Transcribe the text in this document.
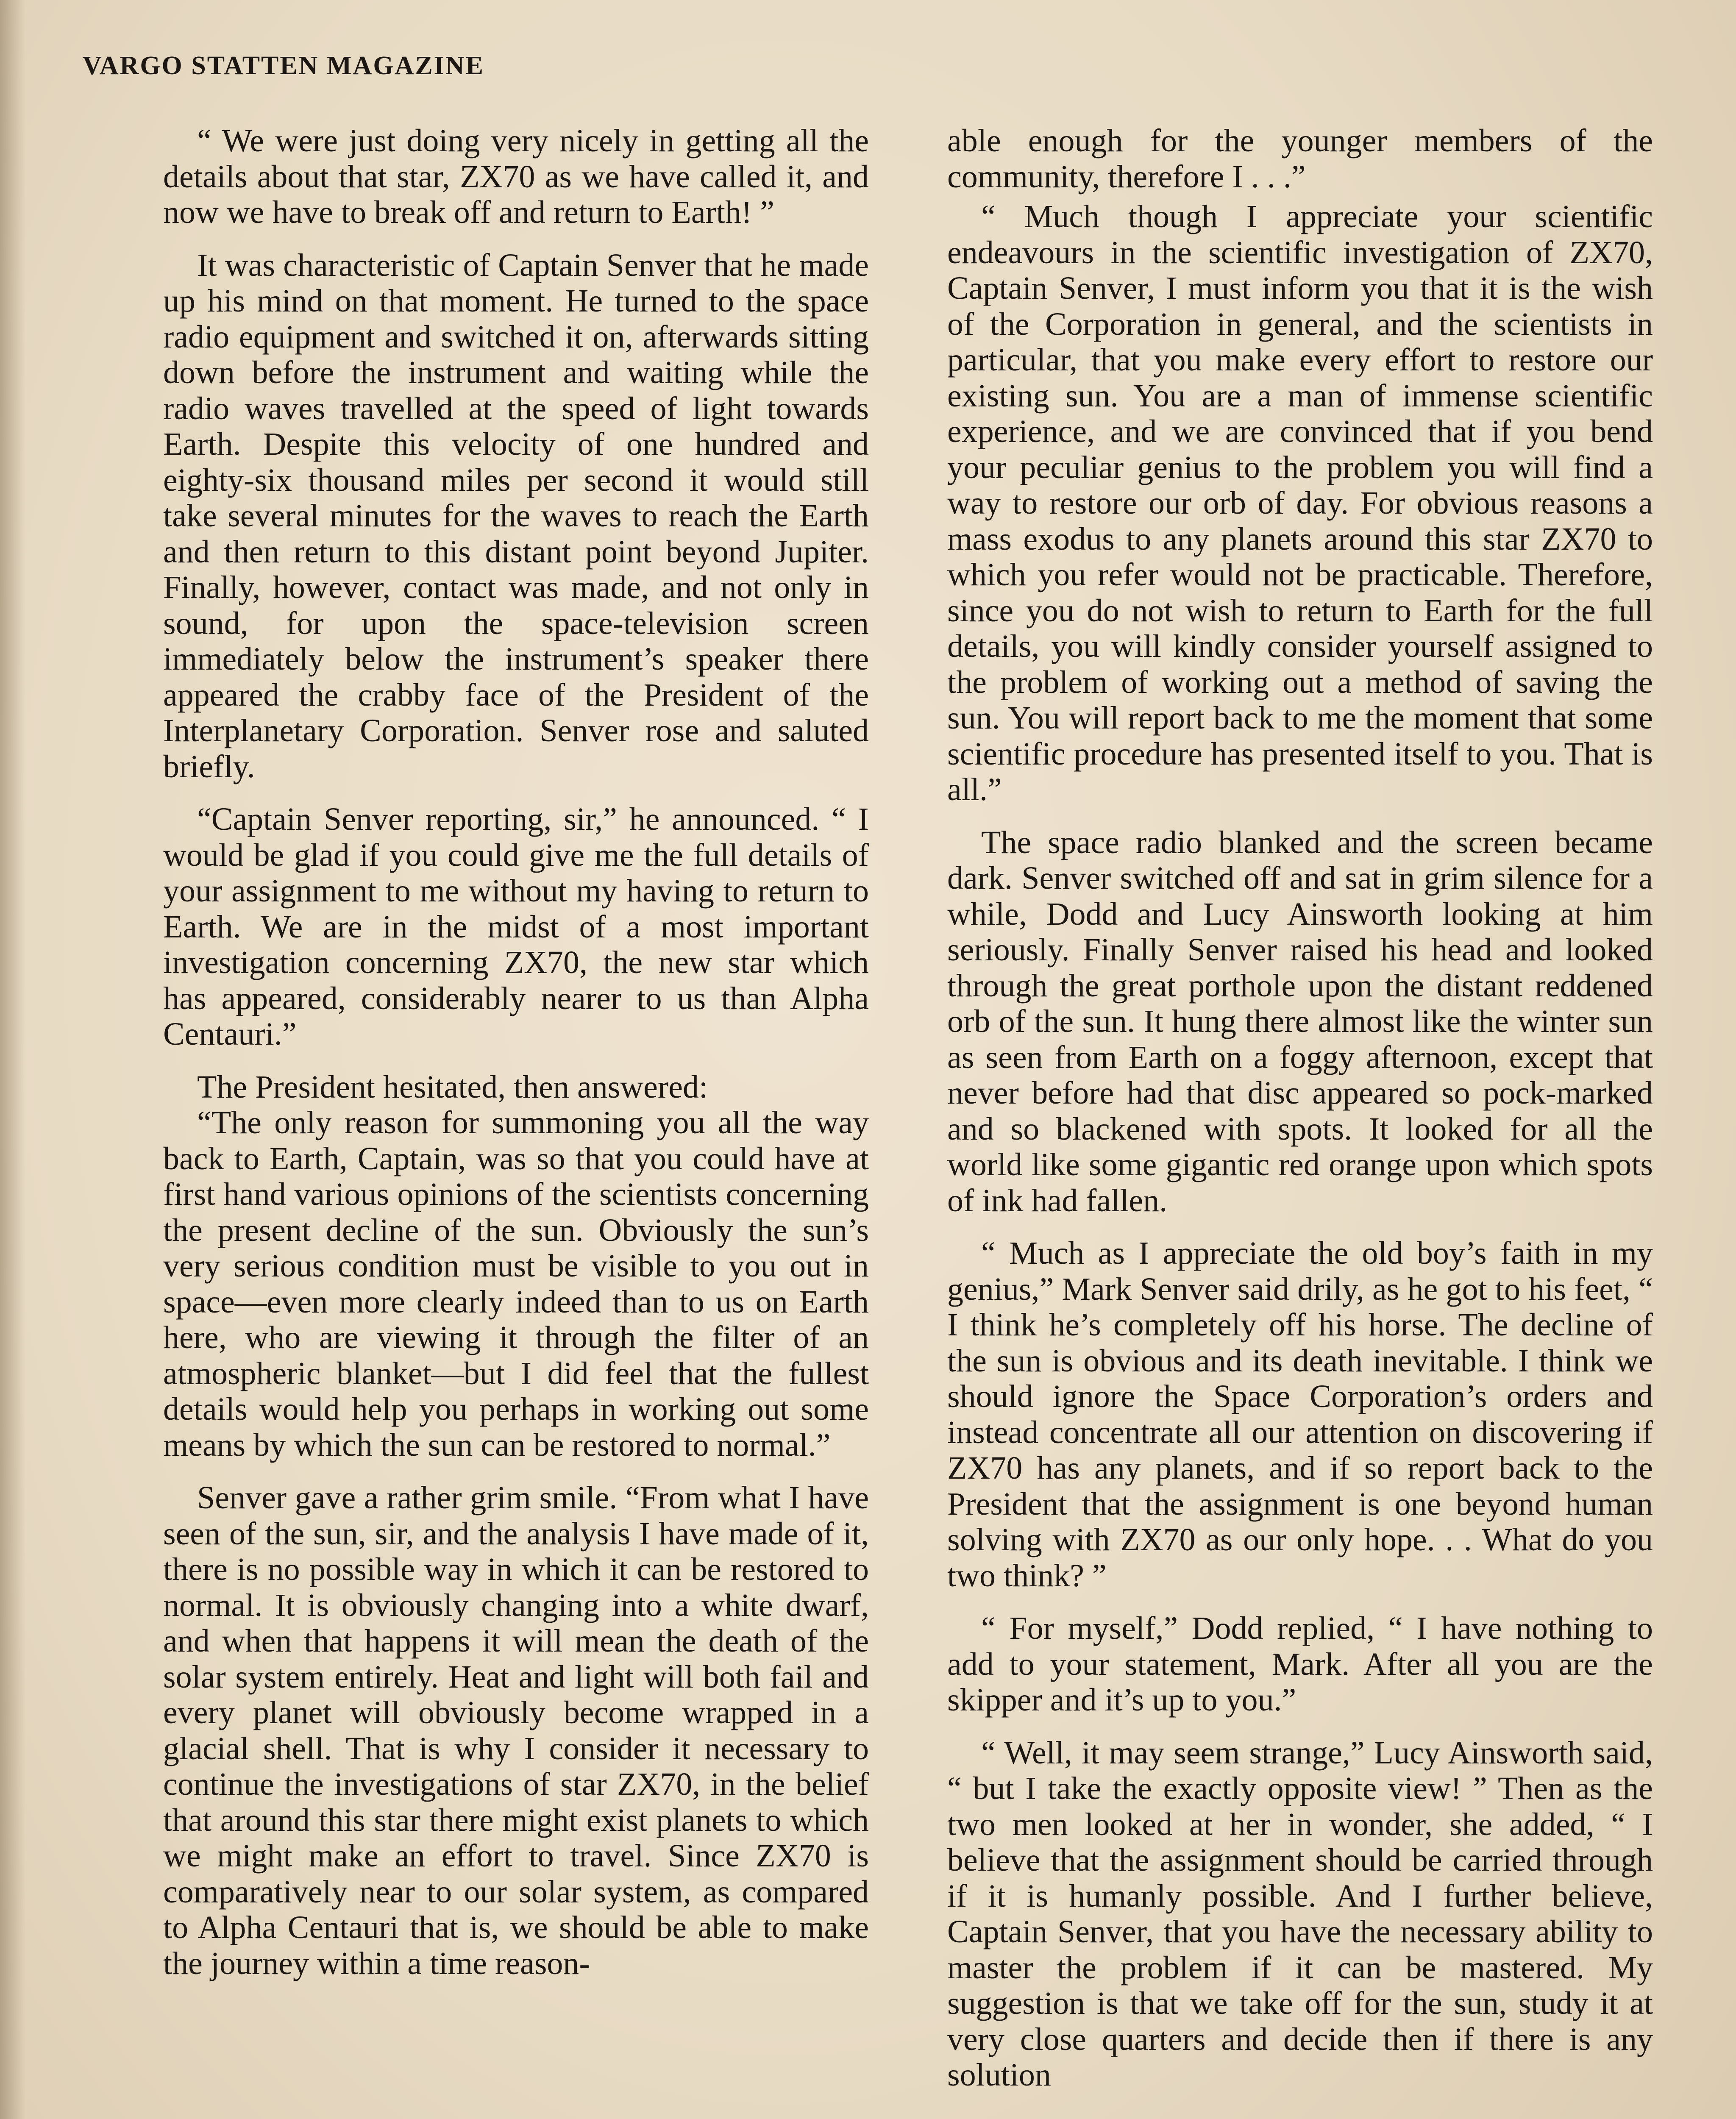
VARGO STATTEN MAGAZINE

“ We were just doing very nicely in getting all the details about that star, ZX70 as we have called it, and now we have to break off and return to Earth! ”

It was characteristic of Captain Senver that he made up his mind on that moment. He turned to the space radio equipment and switched it on, afterwards sitting down before the instrument and waiting while the radio waves travelled at the speed of light towards Earth. Despite this velocity of one hundred and eighty-six thousand miles per second it would still take several minutes for the waves to reach the Earth and then return to this distant point beyond Jupiter. Finally, however, contact was made, and not only in sound, for upon the space-television screen immediately below the instrument’s speaker there appeared the crabby face of the President of the Interplanetary Corporation. Senver rose and saluted briefly.

“Captain Senver reporting, sir,” he announced. “ I would be glad if you could give me the full details of your assignment to me without my having to return to Earth. We are in the midst of a most important investigation concerning ZX70, the new star which has appeared, considerably nearer to us than Alpha Centauri.”

The President hesitated, then answered:

“The only reason for summoning you all the way back to Earth, Captain, was so that you could have at first hand various opinions of the scientists concerning the present decline of the sun. Obviously the sun’s very serious condition must be visible to you out in space—even more clearly indeed than to us on Earth here, who are viewing it through the filter of an atmospheric blanket—but I did feel that the fullest details would help you perhaps in working out some means by which the sun can be restored to normal.”

Senver gave a rather grim smile. “From what I have seen of the sun, sir, and the analysis I have made of it, there is no possible way in which it can be restored to normal. It is obviously changing into a white dwarf, and when that happens it will mean the death of the solar system entirely. Heat and light will both fail and every planet will obviously become wrapped in a glacial shell. That is why I consider it necessary to continue the investigations of star ZX70, in the belief that around this star there might exist planets to which we might make an effort to travel. Since ZX70 is comparatively near to our solar system, as compared to Alpha Centauri that is, we should be able to make the journey within a time reason-

able enough for the younger members of the community, therefore I . . .”

“ Much though I appreciate your scientific endeavours in the scientific investigation of ZX70, Captain Senver, I must inform you that it is the wish of the Corporation in general, and the scientists in particular, that you make every effort to restore our existing sun. You are a man of immense scientific experience, and we are convinced that if you bend your peculiar genius to the problem you will find a way to restore our orb of day. For obvious reasons a mass exodus to any planets around this star ZX70 to which you refer would not be practicable. Therefore, since you do not wish to return to Earth for the full details, you will kindly consider yourself assigned to the problem of working out a method of saving the sun. You will report back to me the moment that some scientific procedure has presented itself to you. That is all.”

The space radio blanked and the screen became dark. Senver switched off and sat in grim silence for a while, Dodd and Lucy Ainsworth looking at him seriously. Finally Senver raised his head and looked through the great porthole upon the distant reddened orb of the sun. It hung there almost like the winter sun as seen from Earth on a foggy afternoon, except that never before had that disc appeared so pock-marked and so blackened with spots. It looked for all the world like some gigantic red orange upon which spots of ink had fallen.

“ Much as I appreciate the old boy’s faith in my genius,” Mark Senver said drily, as he got to his feet, “ I think he’s completely off his horse. The decline of the sun is obvious and its death inevitable. I think we should ignore the Space Corporation’s orders and instead concentrate all our attention on discovering if ZX70 has any planets, and if so report back to the President that the assignment is one beyond human solving with ZX70 as our only hope. . . What do you two think? ”

“ For myself,” Dodd replied, “ I have nothing to add to your statement, Mark. After all you are the skipper and it’s up to you.”

“ Well, it may seem strange,” Lucy Ainsworth said, “ but I take the exactly opposite view! ” Then as the two men looked at her in wonder, she added, “ I believe that the assignment should be carried through if it is humanly possible. And I further believe, Captain Senver, that you have the necessary ability to master the problem if it can be mastered. My suggestion is that we take off for the sun, study it at very close quarters and decide then if there is any solution
